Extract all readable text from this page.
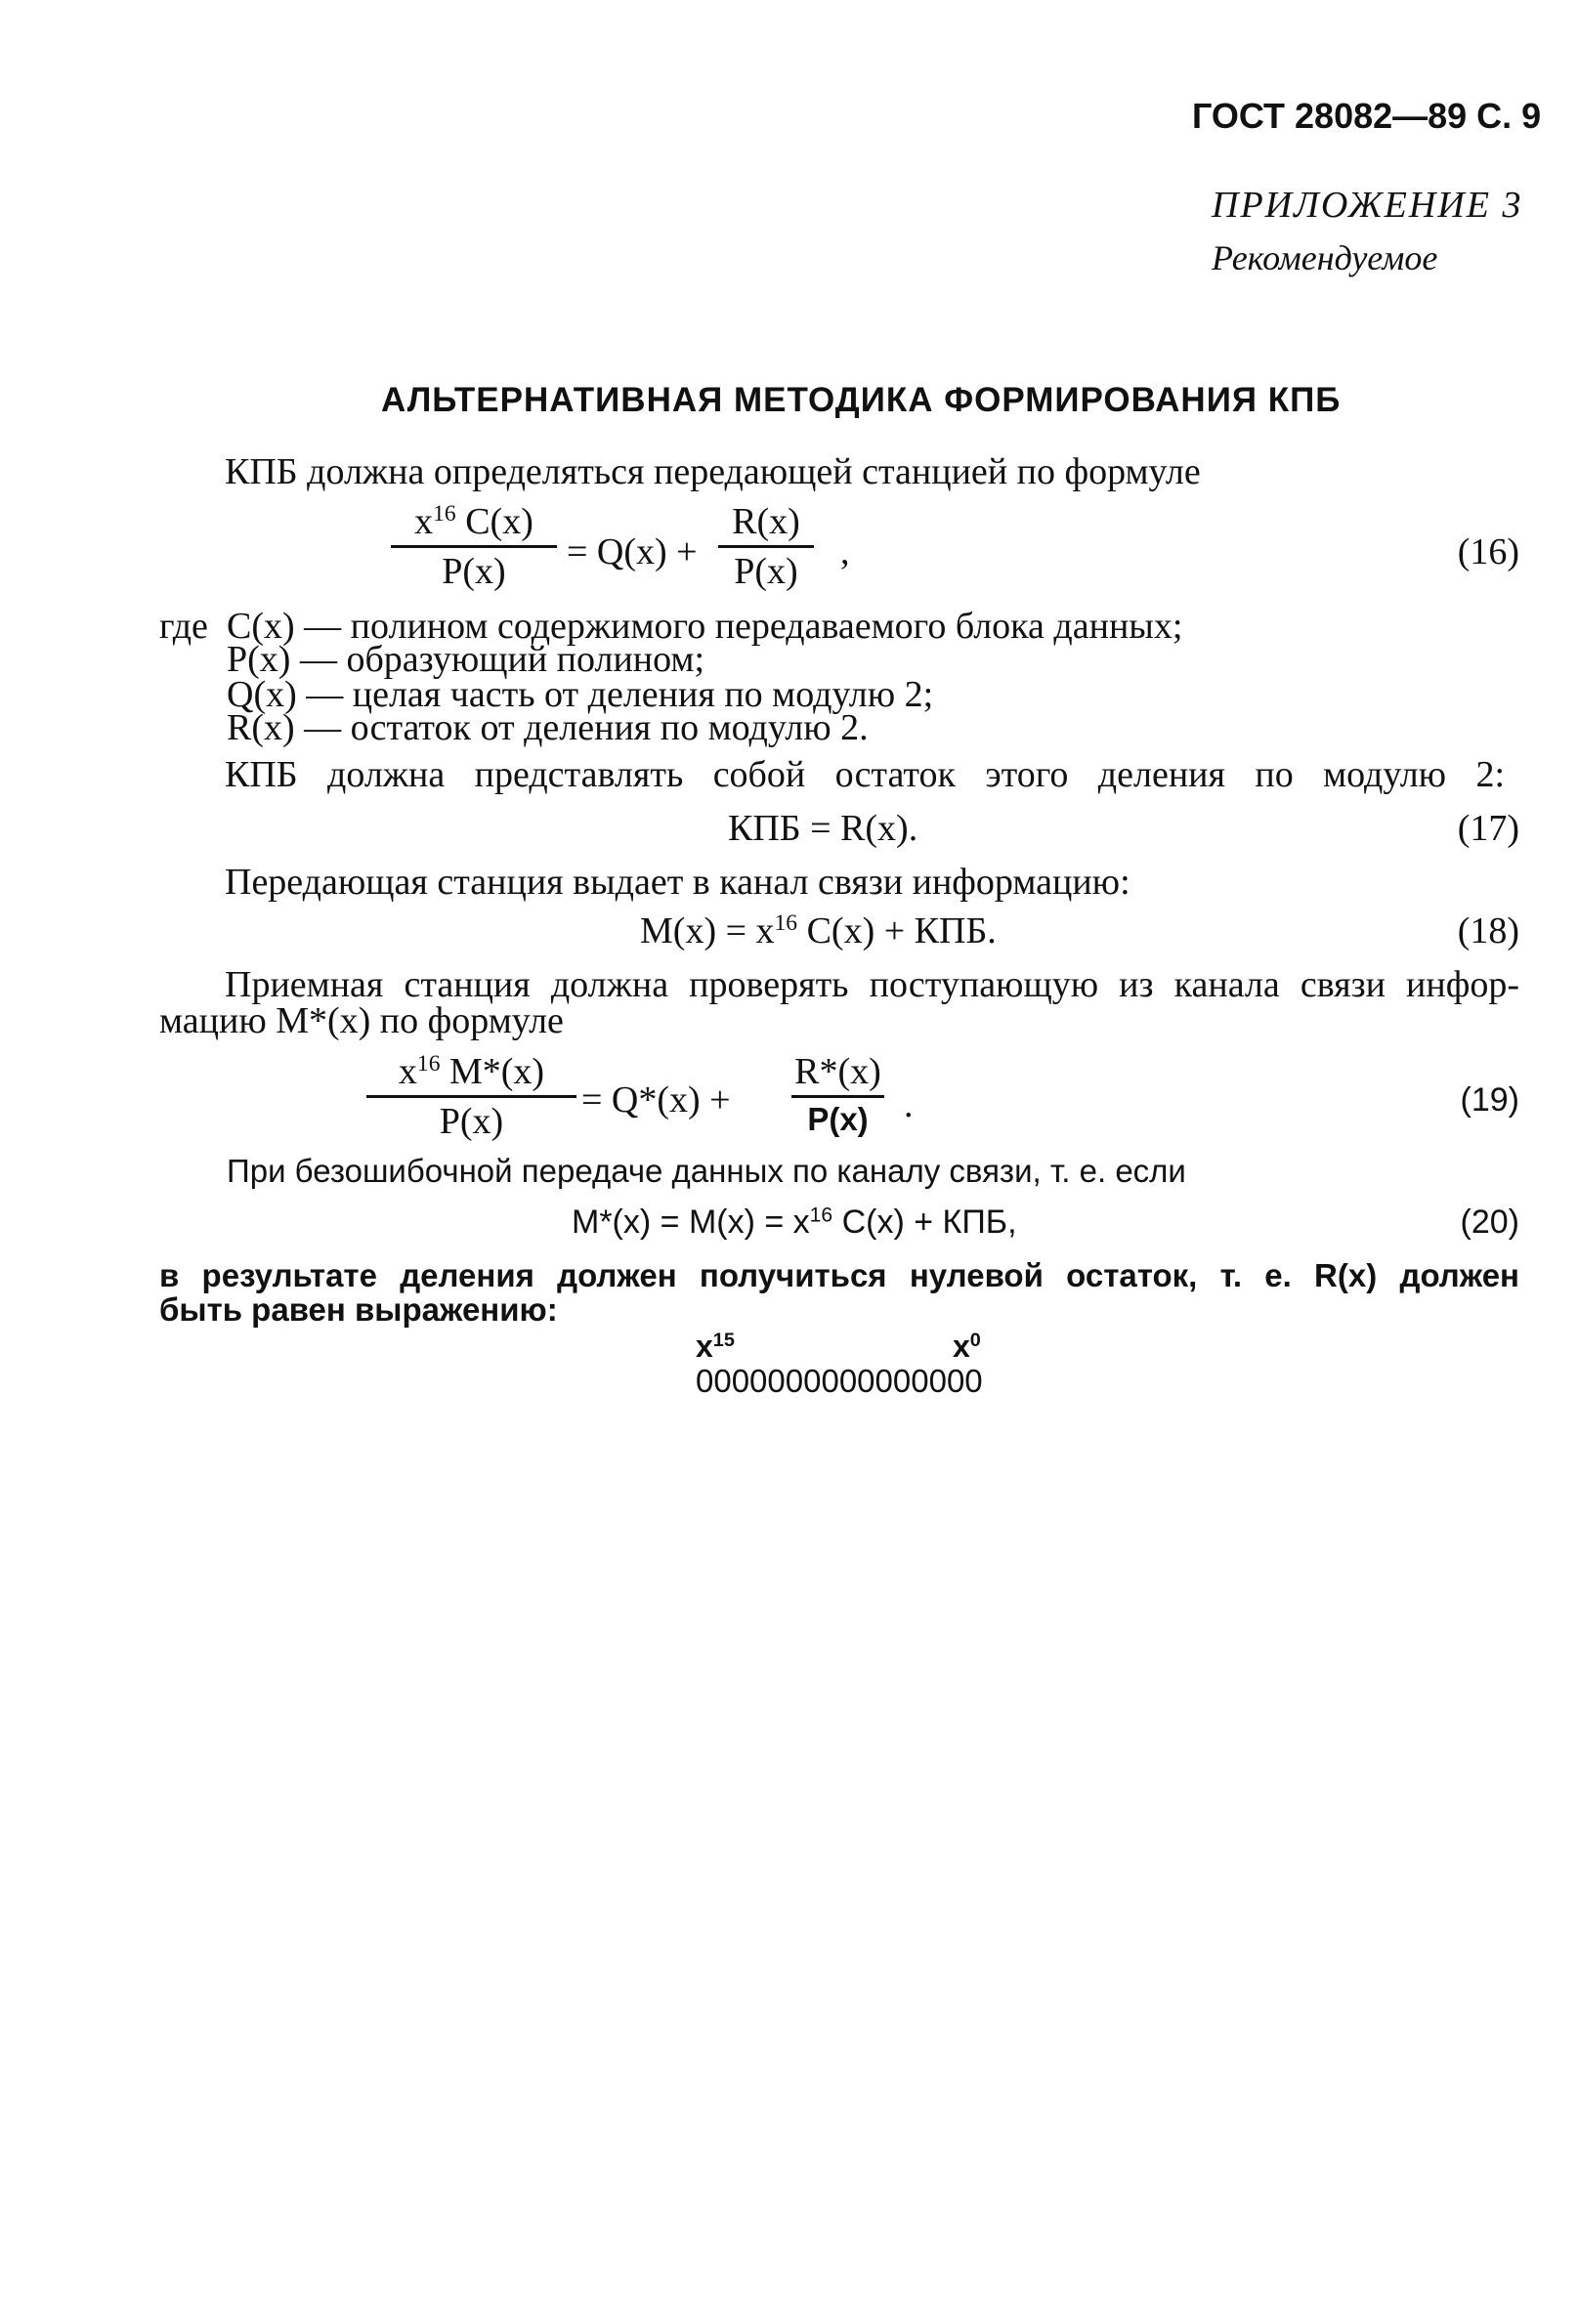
ГОСТ 28082—89 С. 9
ПРИЛОЖЕНИЕ 3
Рекомендуемое
АЛЬТЕРНАТИВНАЯ МЕТОДИКА ФОРМИРОВАНИЯ КПБ
КПБ должна определяться передающей станцией по формуле
$x^{16}$ C(x)
P(x) = Q(x) +
R(x)
P(x) ,	(16)
где C(x) — полином содержимого передаваемого блока данных;
P(x) — образующий полином;
Q(x) — целая часть от деления по модулю 2;
R(x) — остаток от деления по модулю 2.
КПБ должна представлять собой остаток этого деления по модулю 2:
КПБ = R(x).	(17)
Передающая станция выдает в канал связи информацию:
$M(x) = x^{16}$ C(x) + КПБ.	(18)
Приемная станция должна проверять поступающую из канала связи инфор-
мацию M*(x) по формуле
$x^{16}$ M*(x)
P(x)
= Q*(x) +
R*(x)
P(x) .	(19)
При безошибочной передаче данных по каналу связи, т. е. если
$M*(x) = M(x) = x^{16}$ C(x) + КПБ,	(20)
в результате деления должен получиться нулевой остаток, т. е. R(x) должен
быть равен выражению:
$x^{15}$	$x^0$
0000000000000000
